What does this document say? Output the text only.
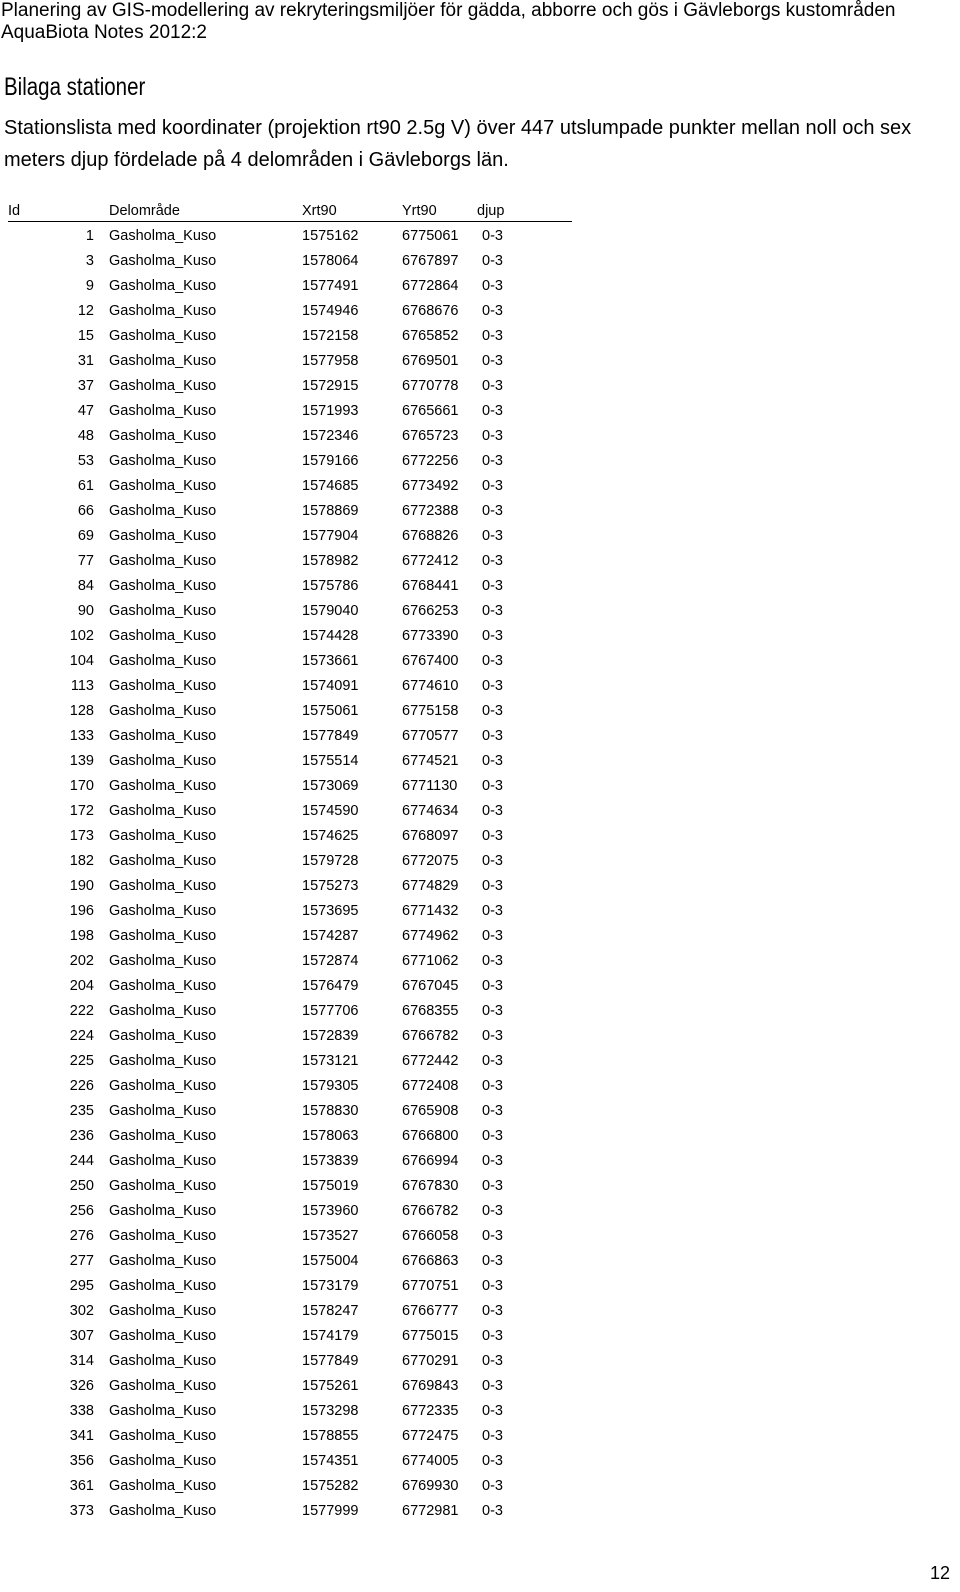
Planering av GIS-modellering av rekryteringsmiljöer för gädda, abborre och gös i Gävleborgs kustområden
AquaBiota Notes 2012:2
Bilaga stationer
Stationslista med koordinater (projektion rt90 2.5g V) över 447 utslumpade punkter mellan noll och sex meters djup fördelade på 4 delområden i Gävleborgs län.
Id	Delområde	Xrt90	Yrt90	djup
1 Gasholma_Kuso	1575162	6775061 0-3
3 Gasholma_Kuso	1578064	6767897 0-3
9 Gasholma_Kuso	1577491	6772864 0-3
12 Gasholma_Kuso	1574946	6768676 0-3
15 Gasholma_Kuso	1572158	6765852 0-3
31 Gasholma_Kuso	1577958	6769501 0-3
37 Gasholma_Kuso	1572915	6770778 0-3
47 Gasholma_Kuso	1571993	6765661 0-3
48 Gasholma_Kuso	1572346	6765723 0-3
53 Gasholma_Kuso	1579166	6772256 0-3
61 Gasholma_Kuso	1574685	6773492 0-3
66 Gasholma_Kuso	1578869	6772388 0-3
69 Gasholma_Kuso	1577904	6768826 0-3
77 Gasholma_Kuso	1578982	6772412 0-3
84 Gasholma_Kuso	1575786	6768441 0-3
90 Gasholma_Kuso	1579040	6766253 0-3
102 Gasholma_Kuso	1574428	6773390 0-3
104 Gasholma_Kuso	1573661	6767400 0-3
113 Gasholma_Kuso	1574091	6774610 0-3
128 Gasholma_Kuso	1575061	6775158 0-3
133 Gasholma_Kuso	1577849	6770577 0-3
139 Gasholma_Kuso	1575514	6774521 0-3
170 Gasholma_Kuso	1573069	6771130 0-3
172 Gasholma_Kuso	1574590	6774634 0-3
173 Gasholma_Kuso	1574625	6768097 0-3
182 Gasholma_Kuso	1579728	6772075 0-3
190 Gasholma_Kuso	1575273	6774829 0-3
196 Gasholma_Kuso	1573695	6771432 0-3
198 Gasholma_Kuso	1574287	6774962 0-3
202 Gasholma_Kuso	1572874	6771062 0-3
204 Gasholma_Kuso	1576479	6767045 0-3
222 Gasholma_Kuso	1577706	6768355 0-3
224 Gasholma_Kuso	1572839	6766782 0-3
225 Gasholma_Kuso	1573121	6772442 0-3
226 Gasholma_Kuso	1579305	6772408 0-3
235 Gasholma_Kuso	1578830	6765908 0-3
236 Gasholma_Kuso	1578063	6766800 0-3
244 Gasholma_Kuso	1573839	6766994 0-3
250 Gasholma_Kuso	1575019	6767830 0-3
256 Gasholma_Kuso	1573960	6766782 0-3
276 Gasholma_Kuso	1573527	6766058 0-3
277 Gasholma_Kuso	1575004	6766863 0-3
295 Gasholma_Kuso	1573179	6770751 0-3
302 Gasholma_Kuso	1578247	6766777 0-3
307 Gasholma_Kuso	1574179	6775015 0-3
314 Gasholma_Kuso	1577849	6770291 0-3
326 Gasholma_Kuso	1575261	6769843 0-3
338 Gasholma_Kuso	1573298	6772335 0-3
341 Gasholma_Kuso	1578855	6772475 0-3
356 Gasholma_Kuso	1574351	6774005 0-3
361 Gasholma_Kuso	1575282	6769930 0-3
373 Gasholma_Kuso	1577999	6772981 0-3
12
